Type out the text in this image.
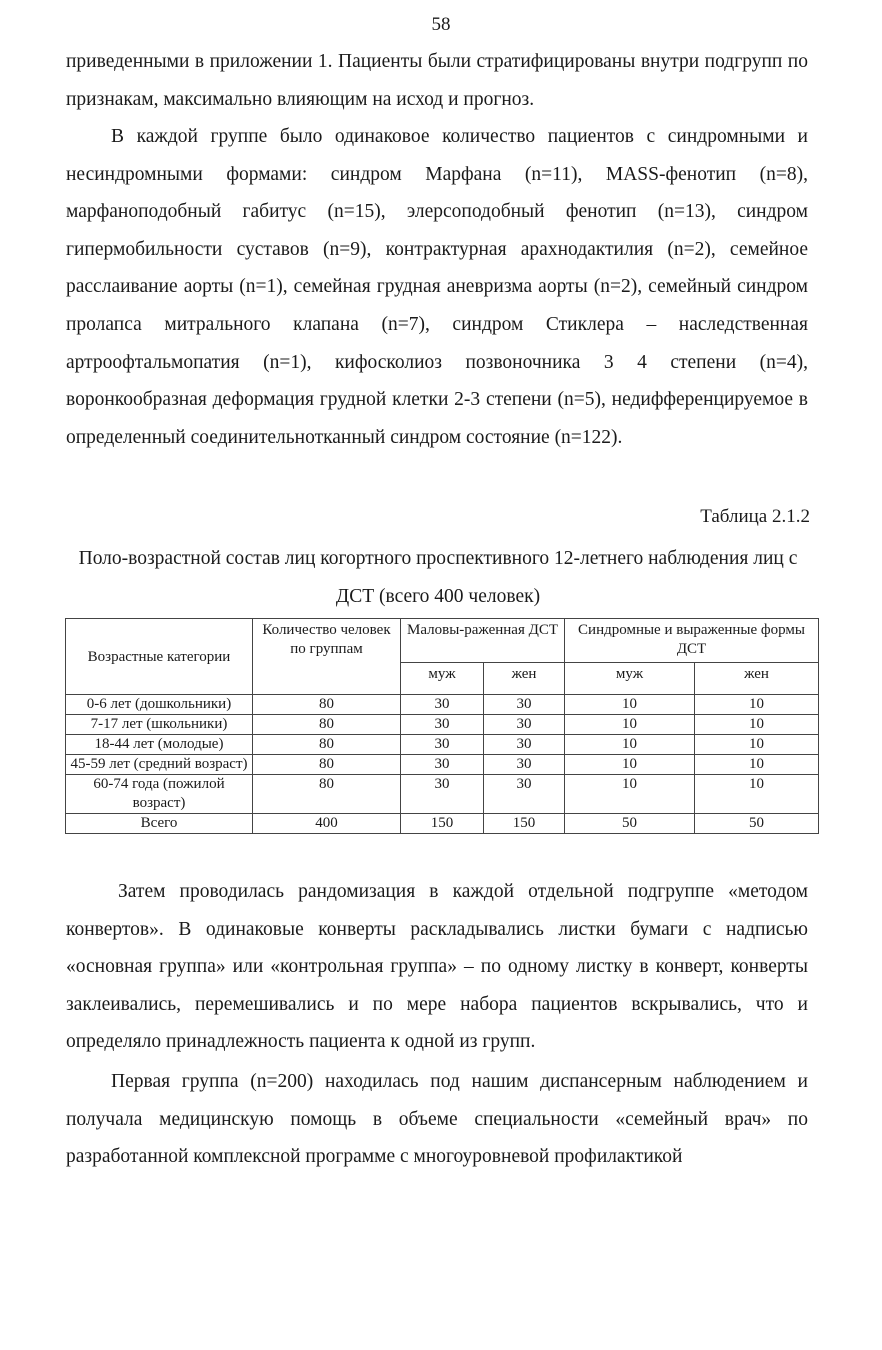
58
приведенными в приложении 1. Пациенты были стратифицированы внутри подгрупп по признакам, максимально влияющим на исход и прогноз.
В каждой группе было одинаковое количество пациентов с синдромными и несиндромными формами: синдром Марфана (n=11), MASS-фенотип (n=8), марфаноподобный габитус (n=15), элерсоподобный фенотип (n=13), синдром гипермобильности суставов (n=9), контрактурная арахнодактилия (n=2), семейное расслаивание аорты (n=1), семейная грудная аневризма аорты (n=2), семейный синдром пролапса митрального клапана (n=7), синдром Стиклера – наследственная артроофтальмопатия (n=1), кифосколиоз позвоночника 3 4 степени (n=4), воронкообразная деформация грудной клетки 2-3 степени (n=5), недифференцируемое в определенный соединительнотканный синдром состояние (n=122).
Таблица 2.1.2
Поло-возрастной состав лиц когортного проспективного 12-летнего наблюдения лиц с ДСТ (всего 400 человек)
Возрастные категории	Количество человек по группам	Маловы-раженная ДСТ		Синдромные и выраженные формы ДСТ	
		муж	жен	муж	жен
0-6 лет (дошкольники)	80	30	30	10	10
7-17 лет (школьники)	80	30	30	10	10
18-44 лет (молодые)	80	30	30	10	10
45-59 лет (средний возраст)	80	30	30	10	10
60-74 года (пожилой возраст)	80	30	30	10	10
Всего	400	150	150	50	50
Затем проводилась рандомизация в каждой отдельной подгруппе «методом конвертов». В одинаковые конверты раскладывались листки бумаги с надписью «основная группа» или «контрольная группа» – по одному листку в конверт, конверты заклеивались, перемешивались и по мере набора пациентов вскрывались, что и определяло принадлежность пациента к одной из групп.
Первая группа (n=200) находилась под нашим диспансерным наблюдением и получала медицинскую помощь в объеме специальности «семейный врач» по разработанной комплексной программе с многоуровневой профилактикой
